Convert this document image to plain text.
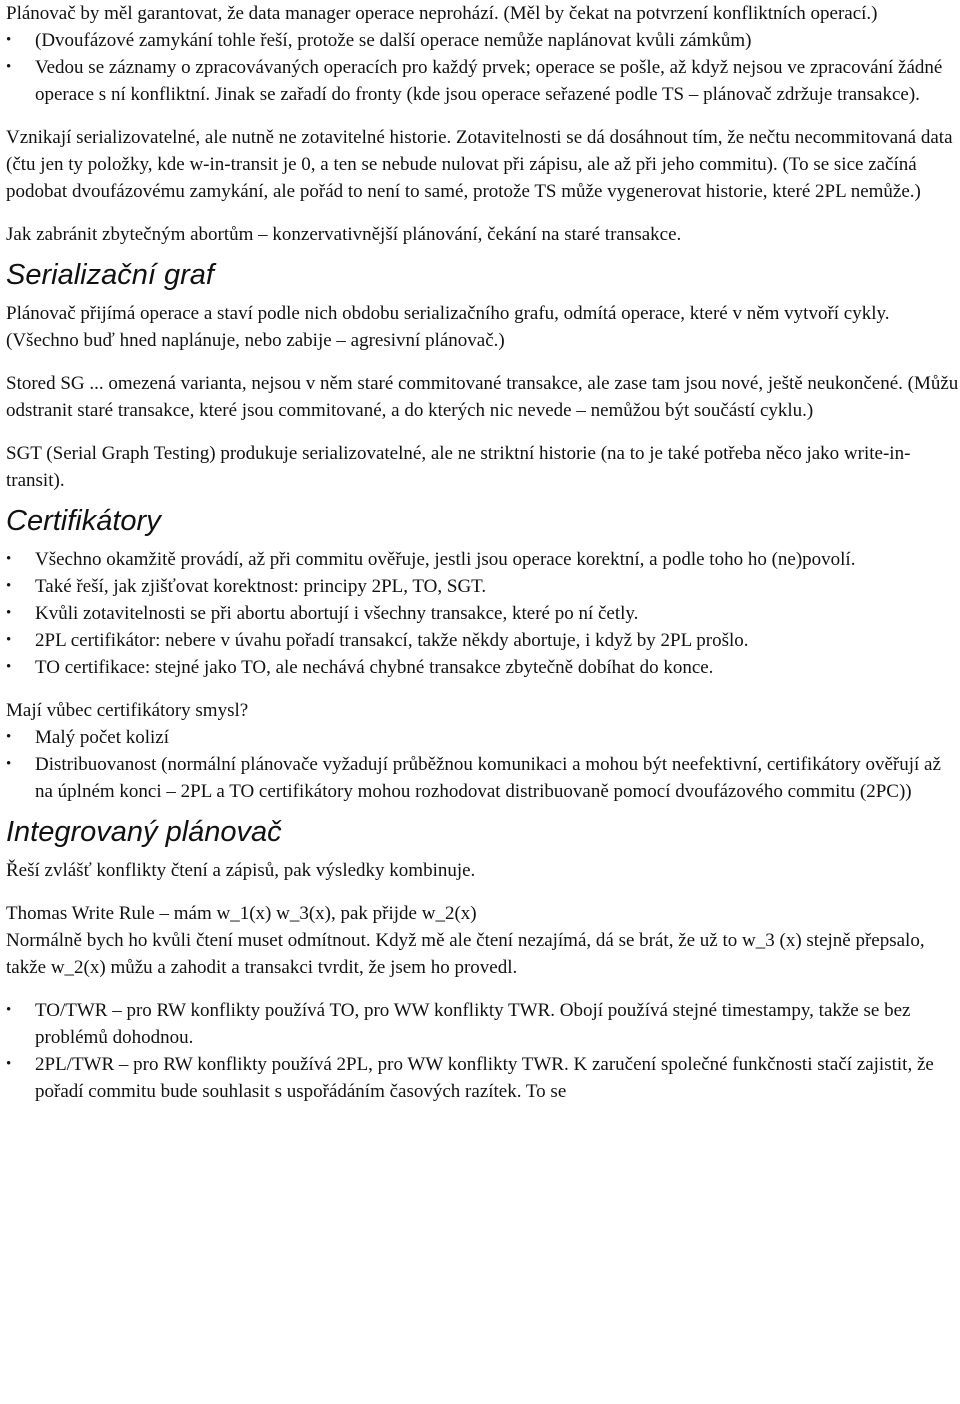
Plánovač by měl garantovat, že data manager operace neprohází. (Měl by čekat na potvrzení konfliktních operací.)

• (Dvoufázové zamykání tohle řeší, protože se další operace nemůže naplánovat kvůli zámkům)
• Vedou se záznamy o zpracovávaných operacích pro každý prvek; operace se pošle, až když nejsou ve zpracování žádné operace s ní konfliktní. Jinak se zařadí do fronty (kde jsou operace seřazené podle TS – plánovač zdržuje transakce).

Vznikají serializovatelné, ale nutně ne zotavitelné historie. Zotavitelnosti se dá dosáhnout tím, že nečtu necommitovaná data (čtu jen ty položky, kde w-in-transit je 0, a ten se nebude nulovat při zápisu, ale až při jeho commitu). (To se sice začíná podobat dvoufázovému zamykání, ale pořád to není to samé, protože TS může vygenerovat historie, které 2PL nemůže.)

Jak zabránit zbytečným abortům – konzervativnější plánování, čekání na staré transakce.

Serializační graf

Plánovač přijímá operace a staví podle nich obdobu serializačního grafu, odmítá operace, které v něm vytvoří cykly. (Všechno buď hned naplánuje, nebo zabije – agresivní plánovač.)

Stored SG ... omezená varianta, nejsou v něm staré commitované transakce, ale zase tam jsou nové, ještě neukončené. (Můžu odstranit staré transakce, které jsou commitované, a do kterých nic nevede – nemůžou být součástí cyklu.)

SGT (Serial Graph Testing) produkuje serializovatelné, ale ne striktní historie (na to je také potřeba něco jako write-in-transit).

Certifikátory
• Všechno okamžitě provádí, až při commitu ověřuje, jestli jsou operace korektní, a podle toho ho (ne)povolí.
• Také řeší, jak zjišťovat korektnost: principy 2PL, TO, SGT.
• Kvůli zotavitelnosti se při abortu abortují i všechny transakce, které po ní četly.
• 2PL certifikátor: nebere v úvahu pořadí transakcí, takže někdy abortuje, i když by 2PL prošlo.
• TO certifikace: stejné jako TO, ale nechává chybné transakce zbytečně dobíhat do konce.

Mají vůbec certifikátory smysl?

• Malý počet kolizí
• Distribuovanost (normální plánovače vyžadují průběžnou komunikaci a mohou být neefektivní, certifikátory ověřují až na úplném konci – 2PL a TO certifikátory mohou rozhodovat distribuovaně pomocí dvoufázového commitu (2PC))
Integrovaný plánovač

Řeší zvlášť konflikty čtení a zápisů, pak výsledky kombinuje.

Thomas Write Rule – mám w_1(x) w_3(x), pak přijde w_2(x)

Normálně bych ho kvůli čtení muset odmítnout. Když mě ale čtení nezajímá, dá se brát, že už to w_3 (x) stejně přepsalo, takže w_2(x) můžu a zahodit a transakci tvrdit, že jsem ho provedl.

• TO/TWR – pro RW konflikty používá TO, pro WW konflikty TWR. Obojí používá stejné timestampy, takže se bez problémů dohodnou.
• 2PL/TWR – pro RW konflikty používá 2PL, pro WW konflikty TWR. K zaručení společné funkčnosti stačí zajistit, že pořadí commitu bude souhlasit s uspořádáním časových razítek. To se
